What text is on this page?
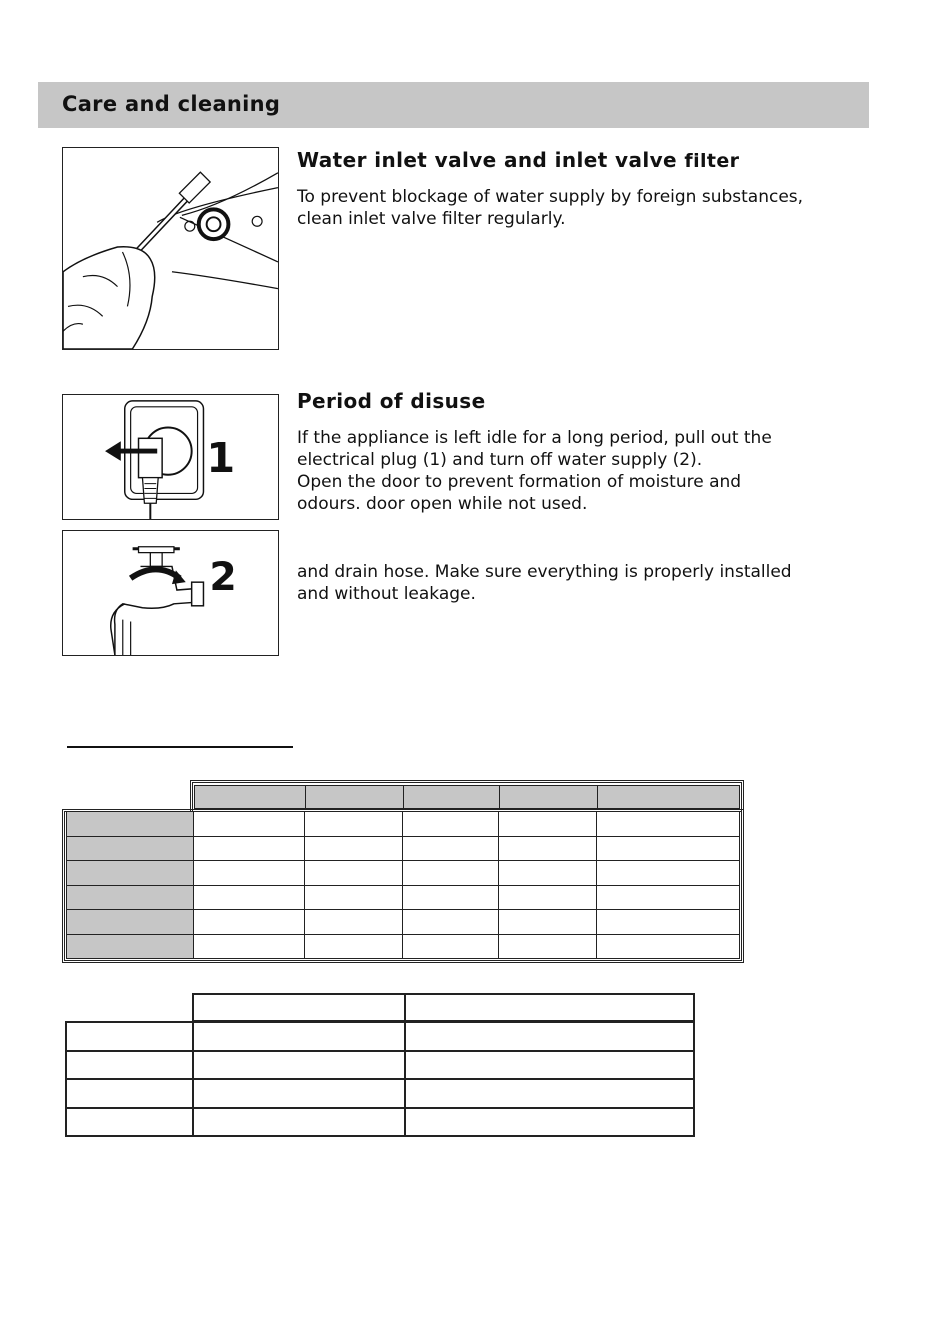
Care and cleaning
Water inlet valve and inlet valve filter
To prevent blockage of water supply by foreign substances,
clean inlet valve filter regularly.
1
2
Period of disuse
If the appliance is left idle for a long period, pull out the
electrical plug (1) and turn off water supply (2).
Open the door to prevent formation of moisture and
odours. door open while not used.
and drain hose. Make sure everything is properly installed
and without leakage.
